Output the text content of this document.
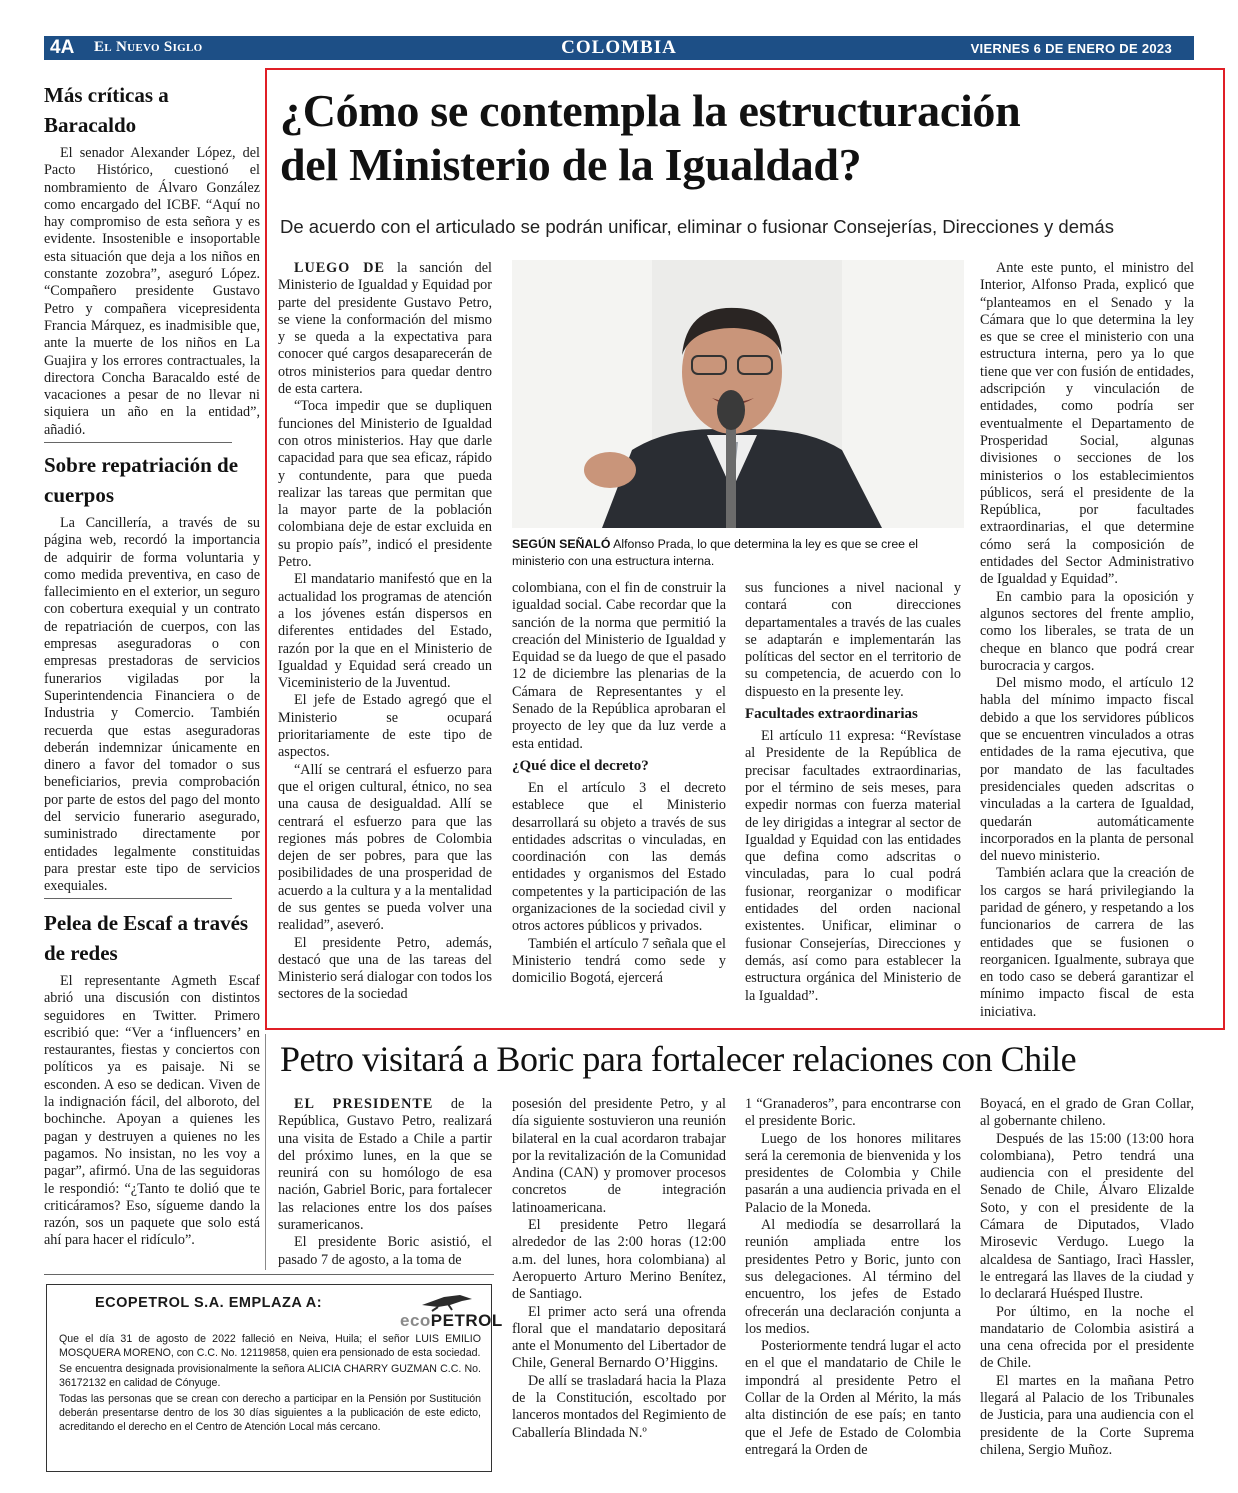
4A El Nuevo Siglo	COLOMBIA	VIERNES 6 DE ENERO DE 2023
Más críticas a Baracaldo

El senador Alexander López, del Pacto Histórico, cuestionó el nombramiento de Álvaro González como encargado del ICBF. “Aquí no hay compromiso de esta señora y es evidente. Insostenible e insoportable esta situación que deja a los niños en constante zozobra”, aseguró López. “Compañero presidente Gustavo Petro y compañera vicepresidenta Francia Márquez, es inadmisible que, ante la muerte de los niños en La Guajira y los errores contractuales, la directora Concha Baracaldo esté de vacaciones a pesar de no llevar ni siquiera un año en la entidad”, añadió.

Sobre repatriación de cuerpos

La Cancillería, a través de su página web, recordó la importancia de adquirir de forma voluntaria y como medida preventiva, en caso de fallecimiento en el exterior, un seguro con cobertura exequial y un contrato de repatriación de cuerpos, con las empresas aseguradoras o con empresas prestadoras de servicios funerarios vigiladas por la Superintendencia Financiera o de Industria y Comercio. También recuerda que estas aseguradoras deberán indemnizar únicamente en dinero a favor del tomador o sus beneficiarios, previa comprobación por parte de estos del pago del monto del servicio funerario asegurado, suministrado directamente por entidades legalmente constituidas para prestar este tipo de servicios exequiales.

Pelea de Escaf a través de redes

El representante Agmeth Escaf abrió una discusión con distintos seguidores en Twitter. Primero escribió que: “Ver a ‘influencers’ en restaurantes, fiestas y conciertos con políticos ya es paisaje. Ni se esconden. A eso se dedican. Viven de la indignación fácil, del alboroto, del bochinche. Apoyan a quienes les pagan y destruyen a quienes no les pagamos. No insistan, no les voy a pagar”, afirmó. Una de las seguidoras le respondió: “¿Tanto te dolió que te criticáramos? Eso, sígueme dando la razón, sos un paquete que solo está ahí para hacer el ridículo”.

ECOPETROL S.A. EMPLAZA A:
ecoPETROL

Que el día 31 de agosto de 2022 falleció en Neiva, Huila; el señor LUIS EMILIO MOSQUERA MORENO, con C.C. No. 12119858, quien era pensionado de esta sociedad.

Se encuentra designada provisionalmente la señora ALICIA CHARRY GUZMAN C.C. No. 36172132 en calidad de Cónyuge.

Todas las personas que se crean con derecho a participar en la Pensión por Sustitución deberán presentarse dentro de los 30 días siguientes a la publicación de este edicto, acreditando el derecho en el Centro de Atención Local más cercano.

¿Cómo se contempla la estructuración
del Ministerio de la Igualdad?
De acuerdo con el articulado se podrán unificar, eliminar o fusionar Consejerías, Direcciones y demás
SEGÚN SEÑALÓ Alfonso Prada, lo que determina la ley es que se cree el ministerio con una estructura interna.

LUEGO DE la sanción del Ministerio de Igualdad y Equidad por parte del presidente Gustavo Petro, se viene la conformación del mismo y se queda a la expectativa para conocer qué cargos desaparecerán de otros ministerios para quedar dentro de esta cartera.

“Toca impedir que se dupliquen funciones del Ministerio de Igualdad con otros ministerios. Hay que darle capacidad para que sea eficaz, rápido y contundente, para que pueda realizar las tareas que permitan que la mayor parte de la población colombiana deje de estar excluida en su propio país”, indicó el presidente Petro.

El mandatario manifestó que en la actualidad los programas de atención a los jóvenes están dispersos en diferentes entidades del Estado, razón por la que en el Ministerio de Igualdad y Equidad será creado un Viceministerio de la Juventud.

El jefe de Estado agregó que el Ministerio se ocupará prioritariamente de este tipo de aspectos.

“Allí se centrará el esfuerzo para que el origen cultural, étnico, no sea una causa de desigualdad. Allí se centrará el esfuerzo para que las regiones más pobres de Colombia dejen de ser pobres, para que las posibilidades de una prosperidad de acuerdo a la cultura y a la mentalidad de sus gentes se pueda volver una realidad”, aseveró.

El presidente Petro, además, destacó que una de las tareas del Ministerio será dialogar con todos los sectores de la sociedad

colombiana, con el fin de construir la igualdad social. Cabe recordar que la sanción de la norma que permitió la creación del Ministerio de Igualdad y Equidad se da luego de que el pasado 12 de diciembre las plenarias de la Cámara de Representantes y el Senado de la República aprobaran el proyecto de ley que da luz verde a esta entidad.

¿Qué dice el decreto?

En el artículo 3 el decreto establece que el Ministerio desarrollará su objeto a través de sus entidades adscritas o vinculadas, en coordinación con las demás entidades y organismos del Estado competentes y la participación de las organizaciones de la sociedad civil y otros actores públicos y privados.

También el artículo 7 señala que el Ministerio tendrá como sede y domicilio Bogotá, ejercerá

sus funciones a nivel nacional y contará con direcciones departamentales a través de las cuales se adaptarán e implementarán las políticas del sector en el territorio de su competencia, de acuerdo con lo dispuesto en la presente ley.

Facultades extraordinarias

El artículo 11 expresa: “Revístase al Presidente de la República de precisar facultades extraordinarias, por el término de seis meses, para expedir normas con fuerza material de ley dirigidas a integrar al sector de Igualdad y Equidad con las entidades que defina como adscritas o vinculadas, para lo cual podrá fusionar, reorganizar o modificar entidades del orden nacional existentes. Unificar, eliminar o fusionar Consejerías, Direcciones y demás, así como para establecer la estructura orgánica del Ministerio de la Igualdad”.

Ante este punto, el ministro del Interior, Alfonso Prada, explicó que “planteamos en el Senado y la Cámara que lo que determina la ley es que se cree el ministerio con una estructura interna, pero ya lo que tiene que ver con fusión de entidades, adscripción y vinculación de entidades, como podría ser eventualmente el Departamento de Prosperidad Social, algunas divisiones o secciones de los ministerios o los establecimientos públicos, será el presidente de la República, por facultades extraordinarias, el que determine cómo será la composición de entidades del Sector Administrativo de Igualdad y Equidad”.

En cambio para la oposición y algunos sectores del frente amplio, como los liberales, se trata de un cheque en blanco que podrá crear burocracia y cargos.

Del mismo modo, el artículo 12 habla del mínimo impacto fiscal debido a que los servidores públicos que se encuentren vinculados a otras entidades de la rama ejecutiva, que por mandato de las facultades presidenciales queden adscritas o vinculadas a la cartera de Igualdad, quedarán automáticamente incorporados en la planta de personal del nuevo ministerio.

También aclara que la creación de los cargos se hará privilegiando la paridad de género, y respetando a los funcionarios de carrera de las entidades que se fusionen o reorganicen. Igualmente, subraya que en todo caso se deberá garantizar el mínimo impacto fiscal de esta iniciativa.

Petro visitará a Boric para fortalecer relaciones con Chile

EL PRESIDENTE de la República, Gustavo Petro, realizará una visita de Estado a Chile a partir del próximo lunes, en la que se reunirá con su homólogo de esa nación, Gabriel Boric, para fortalecer las relaciones entre los dos países suramericanos.

El presidente Boric asistió, el pasado 7 de agosto, a la toma de

posesión del presidente Petro, y al día siguiente sostuvieron una reunión bilateral en la cual acordaron trabajar por la revitalización de la Comunidad Andina (CAN) y promover procesos concretos de integración latinoamericana.

El presidente Petro llegará alrededor de las 2:00 horas (12:00 a.m. del lunes, hora colombiana) al Aeropuerto Arturo Merino Benítez, de Santiago.

El primer acto será una ofrenda floral que el mandatario depositará ante el Monumento del Libertador de Chile, General Bernardo O’Higgins.

De allí se trasladará hacia la Plaza de la Constitución, escoltado por lanceros montados del Regimiento de Caballería Blindada N.º

1 “Granaderos”, para encontrarse con el presidente Boric.

Luego de los honores militares será la ceremonia de bienvenida y los presidentes de Colombia y Chile pasarán a una audiencia privada en el Palacio de la Moneda.

Al mediodía se desarrollará la reunión ampliada entre los presidentes Petro y Boric, junto con sus delegaciones. Al término del encuentro, los jefes de Estado ofrecerán una declaración conjunta a los medios.

Posteriormente tendrá lugar el acto en el que el mandatario de Chile le impondrá al presidente Petro el Collar de la Orden al Mérito, la más alta distinción de ese país; en tanto que el Jefe de Estado de Colombia entregará la Orden de

Boyacá, en el grado de Gran Collar, al gobernante chileno.

Después de las 15:00 (13:00 hora colombiana), Petro tendrá una audiencia con el presidente del Senado de Chile, Álvaro Elizalde Soto, y con el presidente de la Cámara de Diputados, Vlado Mirosevic Verdugo. Luego la alcaldesa de Santiago, Iracì Hassler, le entregará las llaves de la ciudad y lo declarará Huésped Ilustre.

Por último, en la noche el mandatario de Colombia asistirá a una cena ofrecida por el presidente de Chile.

El martes en la mañana Petro llegará al Palacio de los Tribunales de Justicia, para una audiencia con el presidente de la Corte Suprema chilena, Sergio Muñoz.
